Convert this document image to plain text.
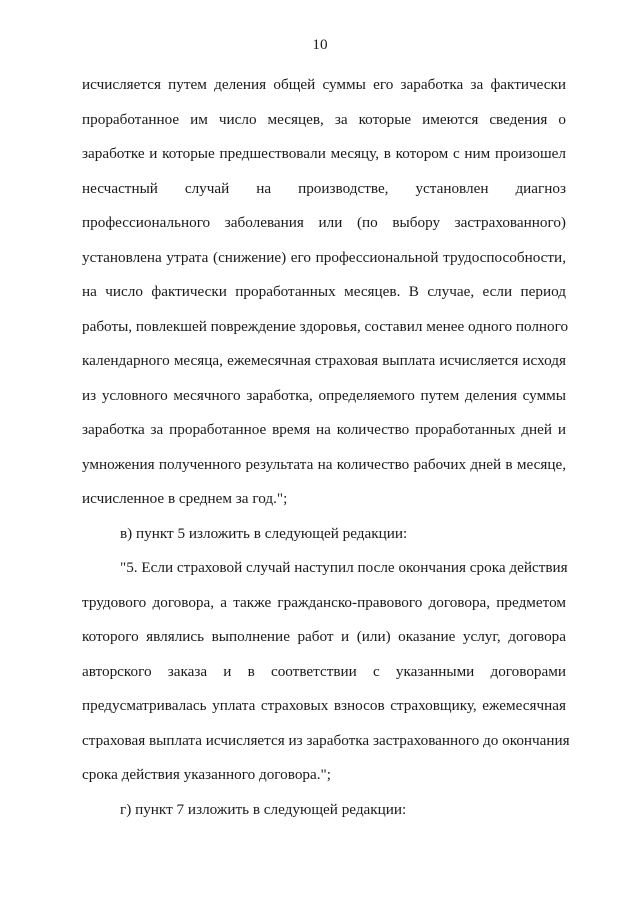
10
исчисляется путем деления общей суммы его заработка за фактически
проработанное им число месяцев, за которые имеются сведения о
заработке и которые предшествовали месяцу, в котором с ним произошел
несчастный случай на производстве, установлен диагноз
профессионального заболевания или (по выбору застрахованного)
установлена утрата (снижение) его профессиональной трудоспособности,
на число фактически проработанных месяцев. В случае, если период
работы, повлекшей повреждение здоровья, составил менее одного полного
календарного месяца, ежемесячная страховая выплата исчисляется исходя
из условного месячного заработка, определяемого путем деления суммы
заработка за проработанное время на количество проработанных дней и
умножения полученного результата на количество рабочих дней в месяце,
исчисленное в среднем за год.";
в) пункт 5 изложить в следующей редакции:
"5. Если страховой случай наступил после окончания срока действия
трудового договора, а также гражданско-правового договора, предметом
которого являлись выполнение работ и (или) оказание услуг, договора
авторского заказа и в соответствии с указанными договорами
предусматривалась уплата страховых взносов страховщику, ежемесячная
страховая выплата исчисляется из заработка застрахованного до окончания
срока действия указанного договора.";
г) пункт 7 изложить в следующей редакции:
